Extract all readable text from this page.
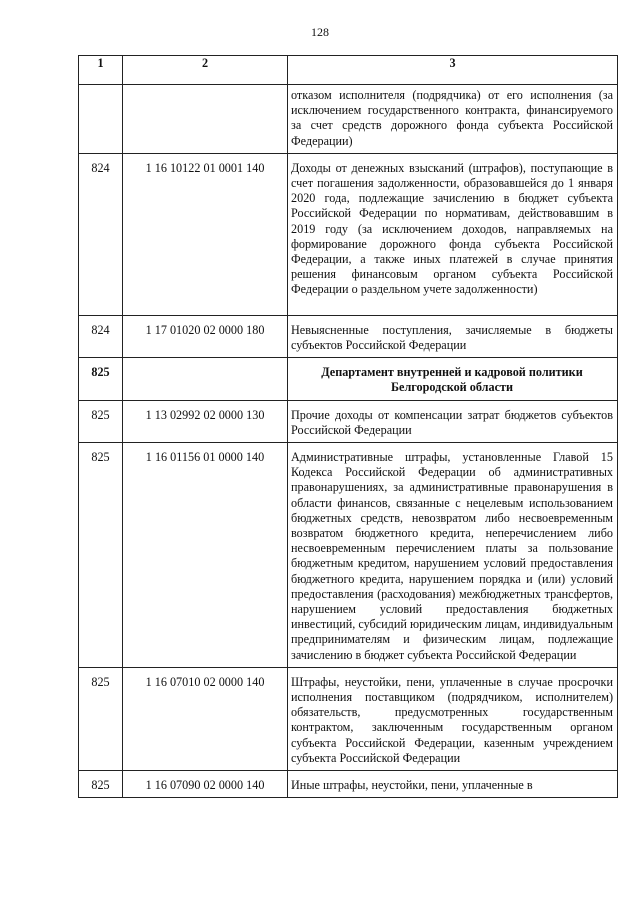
128
1	2	3
		отказом исполнителя (подрядчика) от его исполнения (за исключением государственного контракта, финансируемого за счет средств дорожного фонда субъекта Российской Федерации)
824	1 16 10122 01 0001 140	Доходы от денежных взысканий (штрафов), поступающие в счет погашения задолженности, образовавшейся до 1 января 2020 года, подлежащие зачислению в бюджет субъекта Российской Федерации по нормативам, действовавшим в 2019 году (за исключением доходов, направляемых на формирование дорожного фонда субъекта Российской Федерации, а также иных платежей в случае принятия решения финансовым органом субъекта Российской Федерации о раздельном учете задолженности)
824	1 17 01020 02 0000 180	Невыясненные поступления, зачисляемые в бюджеты субъектов Российской Федерации
825		Департамент внутренней и кадровой политики Белгородской области
825	1 13 02992 02 0000 130	Прочие доходы от компенсации затрат бюджетов субъектов Российской Федерации
825	1 16 01156 01 0000 140	Административные штрафы, установленные Главой 15 Кодекса Российской Федерации об административных правонарушениях, за административные правонарушения в области финансов, связанные с нецелевым использованием бюджетных средств, невозвратом либо несвоевременным возвратом бюджетного кредита, неперечислением либо несвоевременным перечислением платы за пользование бюджетным кредитом, нарушением условий предоставления бюджетного кредита, нарушением порядка и (или) условий предоставления (расходования) межбюджетных трансфертов, нарушением условий предоставления бюджетных инвестиций, субсидий юридическим лицам, индивидуальным предпринимателям и физическим лицам, подлежащие зачислению в бюджет субъекта Российской Федерации
825	1 16 07010 02 0000 140	Штрафы, неустойки, пени, уплаченные в случае просрочки исполнения поставщиком (подрядчиком, исполнителем) обязательств, предусмотренных государственным контрактом, заключенным государственным органом субъекта Российской Федерации, казенным учреждением субъекта Российской Федерации
825	1 16 07090 02 0000 140	Иные штрафы, неустойки, пени, уплаченные в
